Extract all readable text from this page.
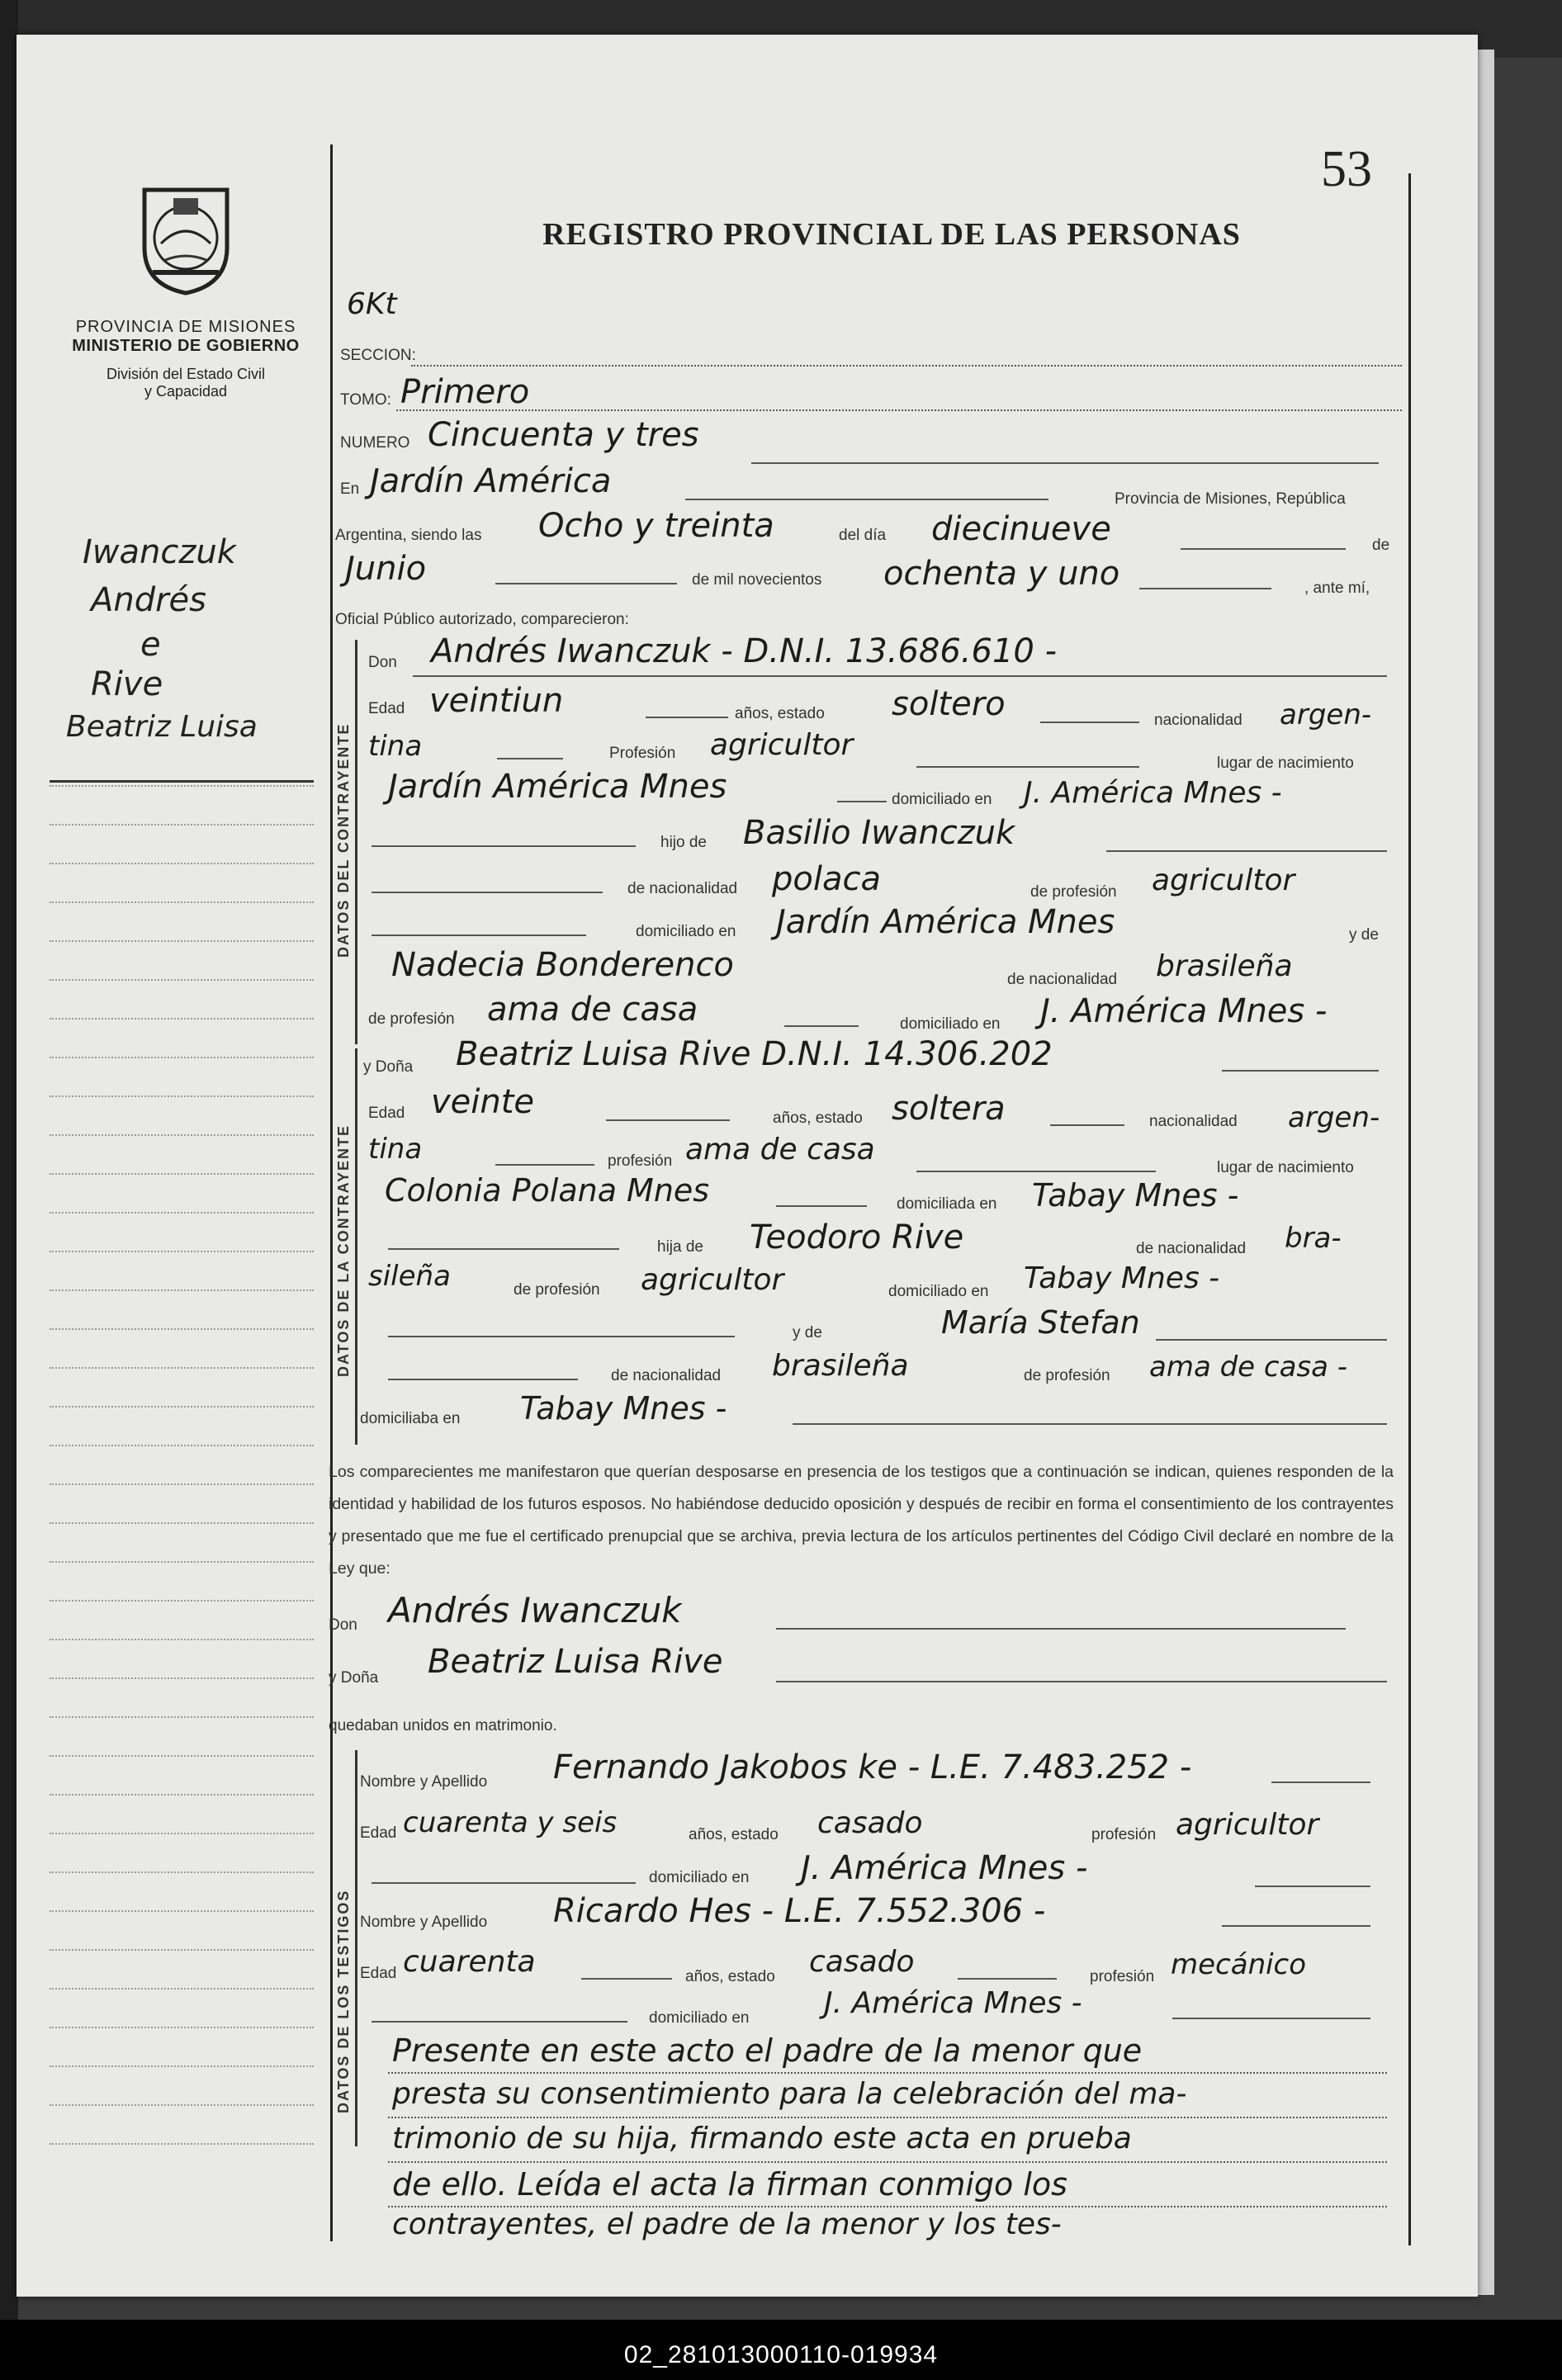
PROVINCIA DE MISIONES
MINISTERIO DE GOBIERNO
División del Estado Civil
y Capacidad
53
REGISTRO PROVINCIAL DE LAS PERSONAS
Iwanczuk
Andrés
e
Rive
Beatriz Luisa
6Kt
SECCION:
TOMO: Primero
NUMERO Cincuenta y tres
En Jardín América	Provincia de Misiones, República
Argentina, siendo las Ocho y treinta	del día diecinueve	de
Junio	de mil novecientos ochenta y uno	, ante mí,
Oficial Público autorizado, comparecieron:
DATOS DEL CONTRAYENTE
Don Andrés Iwanczuk - D.N.I. 13.686.610 -
Edad veintiun	años, estado soltero	nacionalidad argen-
tina	Profesión agricultor
lugar de nacimiento
Jardín América Mnes	domiciliado en J. América Mnes -
hijo de Basilio Iwanczuk
de nacionalidad polaca	de profesión agricultor
domiciliado en Jardín América Mnes	y de
Nadecia Bonderenco	de nacionalidad brasileña
de profesión ama de casa	domiciliado en J. América Mnes -
DATOS DE LA CONTRAYENTE
y Doña Beatriz Luisa Rive D.N.I. 14.306.202
Edad veinte	años, estado soltera	nacionalidad argen-
tina	profesión ama de casa
lugar de nacimiento
Colonia Polana Mnes	domiciliada en Tabay Mnes -
hija de Teodoro Rive	de nacionalidad bra-
sileña	de profesión agricultor	domiciliado en Tabay Mnes -
y de	María Stefan
de nacionalidad brasileña	de profesión ama de casa -
domiciliaba en Tabay Mnes -
Los comparecientes me manifestaron que querían desposarse en presencia de los testigos que a continuación se indican, quienes responden de la identidad y habilidad de los futuros esposos. No habiéndose deducido oposición y después de recibir en forma el consentimiento de los contrayentes y presentado que me fue el certificado prenupcial que se archiva, previa lectura de los artículos pertinentes del Código Civil declaré en nombre de la Ley que:
Don Andrés Iwanczuk
y Doña Beatriz Luisa Rive
quedaban unidos en matrimonio.
DATOS DE LOS TESTIGOS
Nombre y Apellido Fernando Jakobos ke - L.E. 7.483.252 -
Edad cuarenta y seis	años, estado casado	profesión agricultor
domiciliado en J. América Mnes -
Nombre y Apellido Ricardo Hes - L.E. 7.552.306 -
Edad cuarenta	años, estado casado	profesión mecánico
domiciliado en	J. América Mnes -
Presente en este acto el padre de la menor que
presta su consentimiento para la celebración del ma-
trimonio de su hija, firmando este acta en prueba
de ello. Leída el acta la firman conmigo los
contrayentes, el padre de la menor y los tes-
02_281013000110-019934
